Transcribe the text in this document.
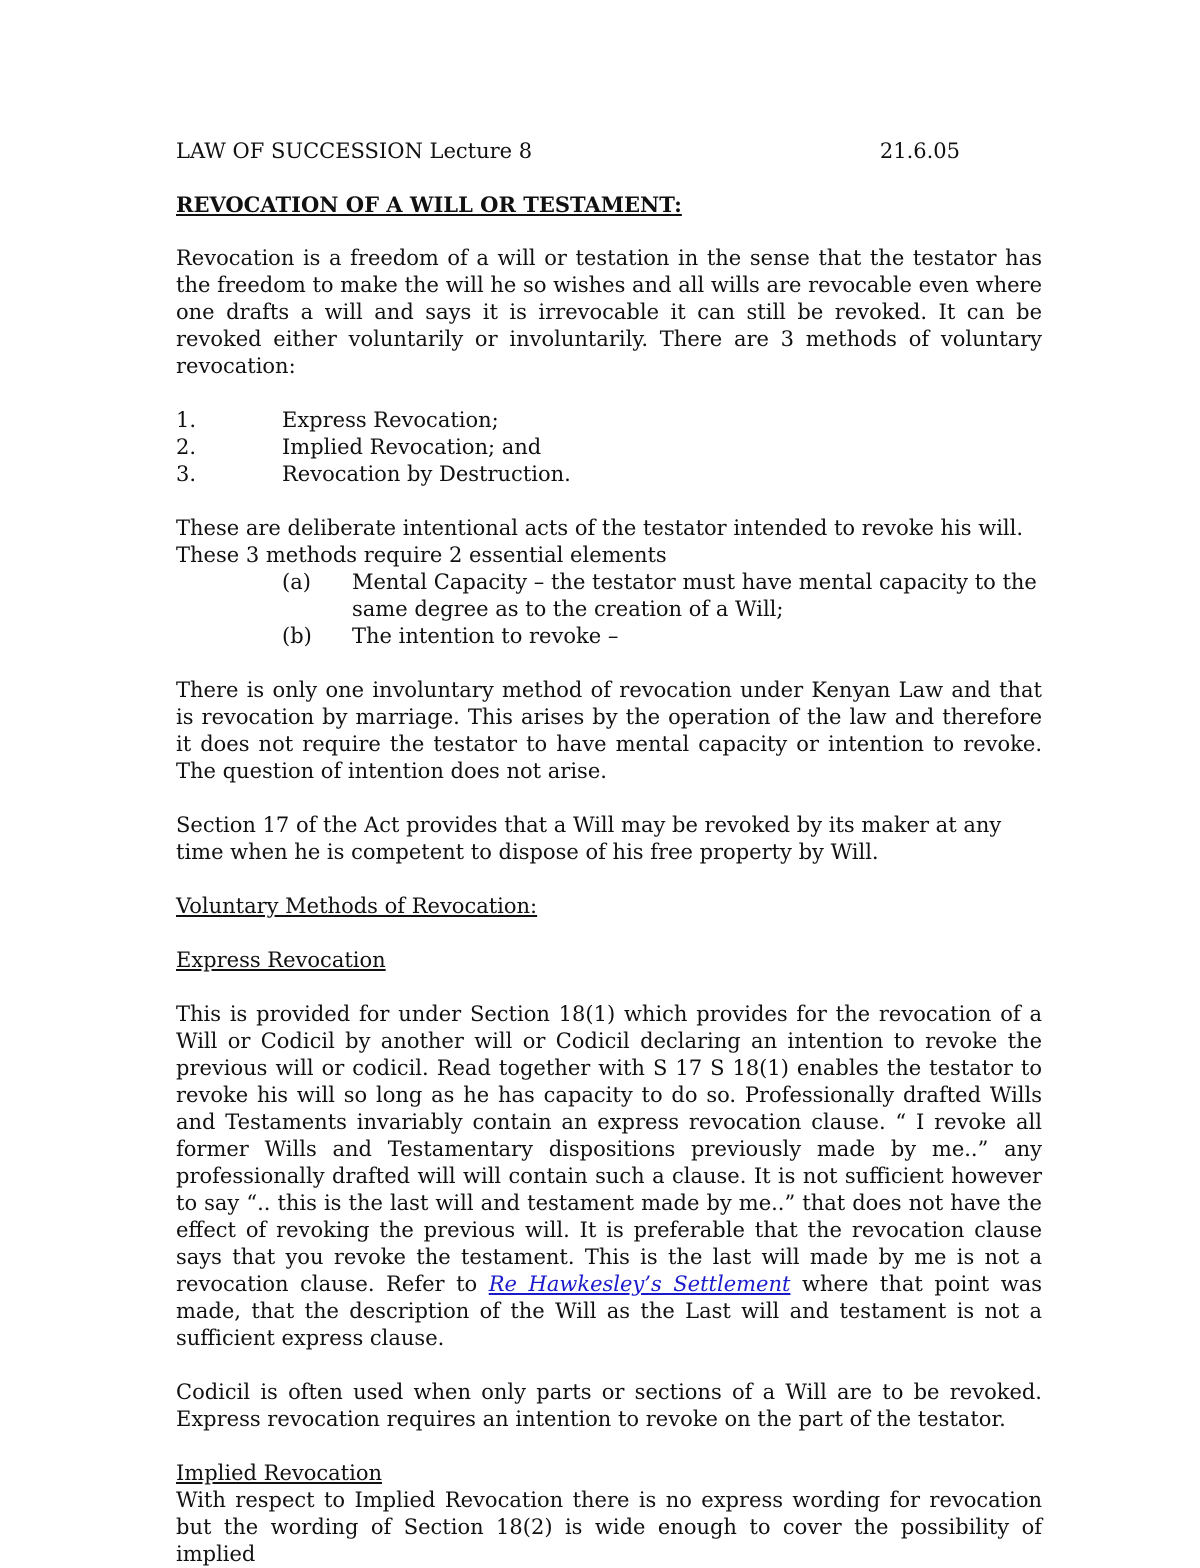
LAW OF SUCCESSION Lecture 8	21.6.05
REVOCATION OF A WILL OR TESTAMENT:

Revocation is a freedom of a will or testation in the sense that the testator has the freedom to make the will he so wishes and all wills are revocable even where one drafts a will and says it is irrevocable it can still be revoked. It can be revoked either voluntarily or involuntarily. There are 3 methods of voluntary revocation:

1.	Express Revocation;
2.	Implied Revocation; and
3.	Revocation by Destruction.

These are deliberate intentional acts of the testator intended to revoke his will.

These 3 methods require 2 essential elements

(a)	Mental Capacity – the testator must have mental capacity to the same degree as to the creation of a Will;
(b)	The intention to revoke –

There is only one involuntary method of revocation under Kenyan Law and that is revocation by marriage. This arises by the operation of the law and therefore it does not require the testator to have mental capacity or intention to revoke. The question of intention does not arise.

Section 17 of the Act provides that a Will may be revoked by its maker at any time when he is competent to dispose of his free property by Will.

Voluntary Methods of Revocation:

Express Revocation

This is provided for under Section 18(1) which provides for the revocation of a Will or Codicil by another will or Codicil declaring an intention to revoke the previous will or codicil. Read together with S 17 S 18(1) enables the testator to revoke his will so long as he has capacity to do so. Professionally drafted Wills and Testaments invariably contain an express revocation clause. “ I revoke all former Wills and Testamentary dispositions previously made by me..” any professionally drafted will will contain such a clause. It is not sufficient however to say “.. this is the last will and testament made by me..” that does not have the effect of revoking the previous will. It is preferable that the revocation clause says that you revoke the testament. This is the last will made by me is not a revocation clause. Refer to Re Hawkesley’s Settlement where that point was made, that the description of the Will as the Last will and testament is not a sufficient express clause.

Codicil is often used when only parts or sections of a Will are to be revoked. Express revocation requires an intention to revoke on the part of the testator.

Implied Revocation

With respect to Implied Revocation there is no express wording for revocation but the wording of Section 18(2) is wide enough to cover the possibility of implied
